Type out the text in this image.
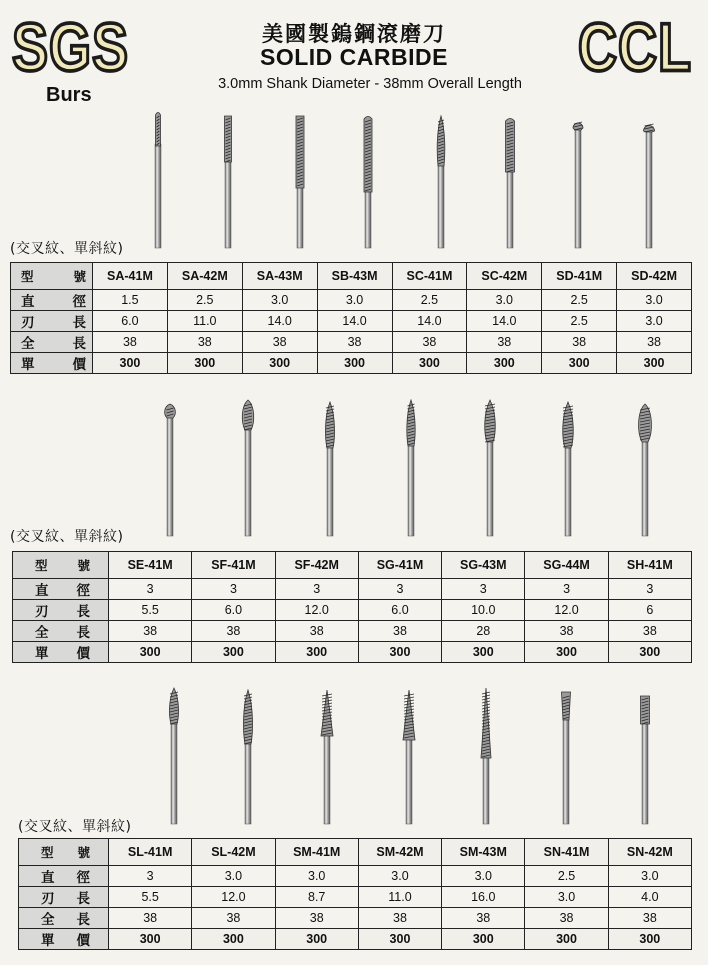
SGS
Burs
美國製鎢鋼滾磨刀
SOLID CARBIDE
3.0mm Shank Diameter - 38mm Overall Length	CCL
(交叉紋、單斜紋)
型 號	SA-41M	SA-42M	SA-43M	SB-43M	SC-41M	SC-42M	SD-41M	SD-42M
直 徑	1.5	2.5	3.0	3.0	2.5	3.0	2.5	3.0
刃 長	6.0	11.0	14.0	14.0	14.0	14.0	2.5	3.0
全 長	38	38	38	38	38	38	38	38
單 價	300	300	300	300	300	300	300	300
(交叉紋、單斜紋)
型 號	SE-41M	SF-41M	SF-42M	SG-41M	SG-43M	SG-44M	SH-41M
直 徑	3	3	3	3	3	3	3
刃 長	5.5	6.0	12.0	6.0	10.0	12.0	6
全 長	38	38	38	38	28	38	38
單 價	300	300	300	300	300	300	300
(交叉紋、單斜紋)
型 號	SL-41M	SL-42M	SM-41M	SM-42M	SM-43M	SN-41M	SN-42M
直 徑	3	3.0	3.0	3.0	3.0	2.5	3.0
刃 長	5.5	12.0	8.7	11.0	16.0	3.0	4.0
全 長	38	38	38	38	38	38	38
單 價	300	300	300	300	300	300	300
